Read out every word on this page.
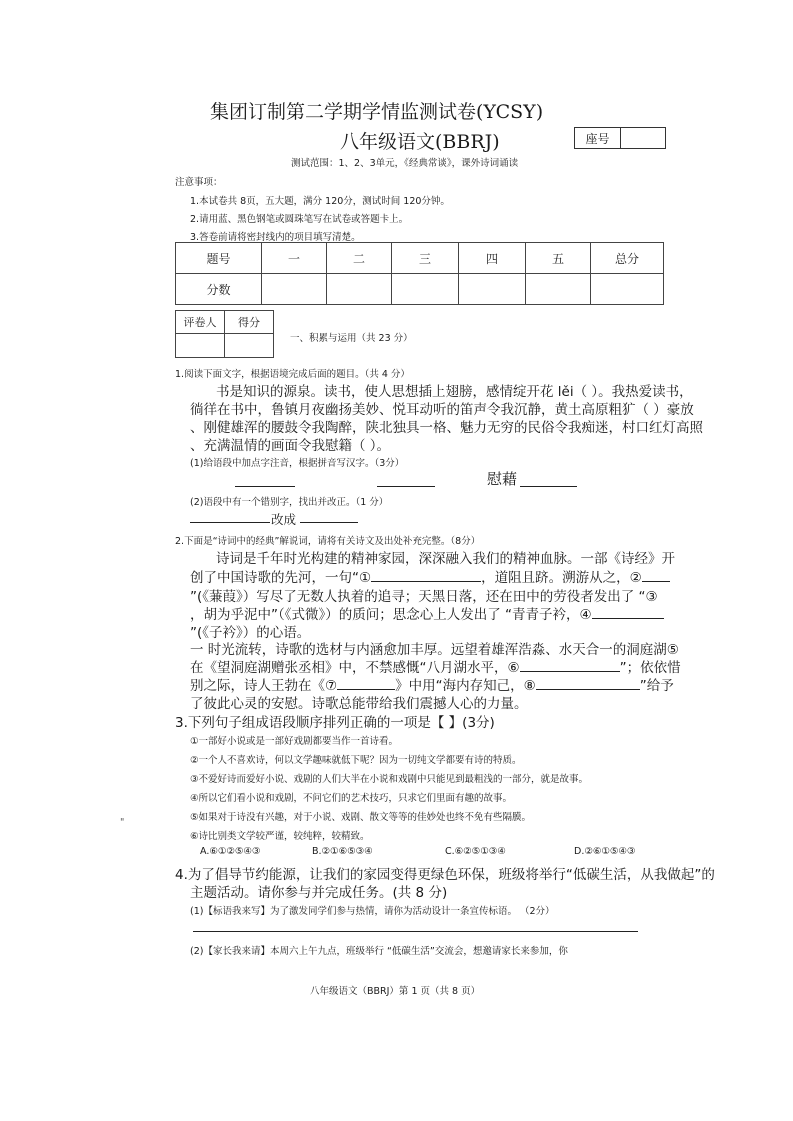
集团订制第二学期学情监测试卷(YCSY)
八年级语文(BBRJ)	座号
测试范围：1、2、3单元，《经典常谈》，课外诗词诵读
注意事项：
1.本试卷共 8页，五大题，满分 120分，测试时间 120分钟。
2.请用蓝、黑色钢笔或圆珠笔写在试卷或答题卡上。
3.答卷前请将密封线内的项目填写清楚。
题号	一	二	三	四	五	总分
分数						
评卷人	得分

一、积累与运用（共 23 分）
1.阅读下面文字，根据语境完成后面的题目。（共 4 分）
书是知识的源泉。读书，使人思想插上翅膀，感情绽开花 lěi（ ）。我热爱读书，
徜徉在书中，鲁镇月夜幽扬美妙、悦耳动听的笛声令我沉静，黄土高原粗犷（ ）豪放
、刚健雄浑的腰鼓令我陶醉，陕北独具一格、魅力无穷的民俗令我痴迷，村口红灯高照
、充满温情的画面令我慰籍（ ）。
(1)给语段中加点字注音，根据拼音写汉字。（3分）
慰藉
(2)语段中有一个错别字，找出并改正。（1 分）
改成
2.下面是“诗词中的经典”解说词，请将有关诗文及出处补充完整。（8分）
诗词是千年时光构建的精神家园，深深融入我们的精神血脉。一部《诗经》开
创了中国诗歌的先河，一句“①	，道阻且跻。溯游从之，②
”(《蒹葭》）写尽了无数人执着的追寻；天黑日落，还在田中的劳役者发出了 “③
，胡为乎泥中”（《式微》）的质问；思念心上人发出了 “青青子衿，④
”(《子衿》）的心语。
一 时光流转，诗歌的选材与内涵愈加丰厚。远望着雄浑浩淼、水天合一的洞庭湖⑤
在《望洞庭湖赠张丞相》中，不禁感慨“八月湖水平，⑥	”；依依惜
别之际，诗人王勃在《⑦	》中用“海内存知己，⑧	”给予
了彼此心灵的安慰。诗歌总能带给我们震撼人心的力量。
3.下列句子组成语段顺序排列正确的一项是【 】(3分)
①一部好小说或是一部好戏剧都要当作一首诗看。
②一个人不喜欢诗，何以文学趣味就低下呢？因为一切纯文学都要有诗的特质。
③不爱好诗而爱好小说、戏剧的人们大半在小说和戏剧中只能见到最粗浅的一部分，就是故事。
④所以它们看小说和戏剧，不问它们的艺术技巧，只求它们里面有趣的故事。
⑤如果对于诗没有兴趣，对于小说、戏剧、散文等等的佳妙处也终不免有些隔膜。
⑥诗比别类文学较严谨，较纯粹，较精致。
A.⑥①②⑤④③	B.②①⑥⑤③④	C.⑥②⑤①③④	D.②⑥①⑤④③
"
4.为了倡导节约能源，让我们的家园变得更绿色环保，班级将举行“低碳生活，从我做起”的
主题活动。请你参与并完成任务。(共 8 分)
(1)【标语我来写】为了激发同学们参与热情，请你为活动设计一条宣传标语。 （2分）
(2)【家长我来请】本周六上午九点，班级举行 “低碳生活”交流会，想邀请家长来参加，你
八年级语文（BBRJ）第 1 页（共 8 页）
